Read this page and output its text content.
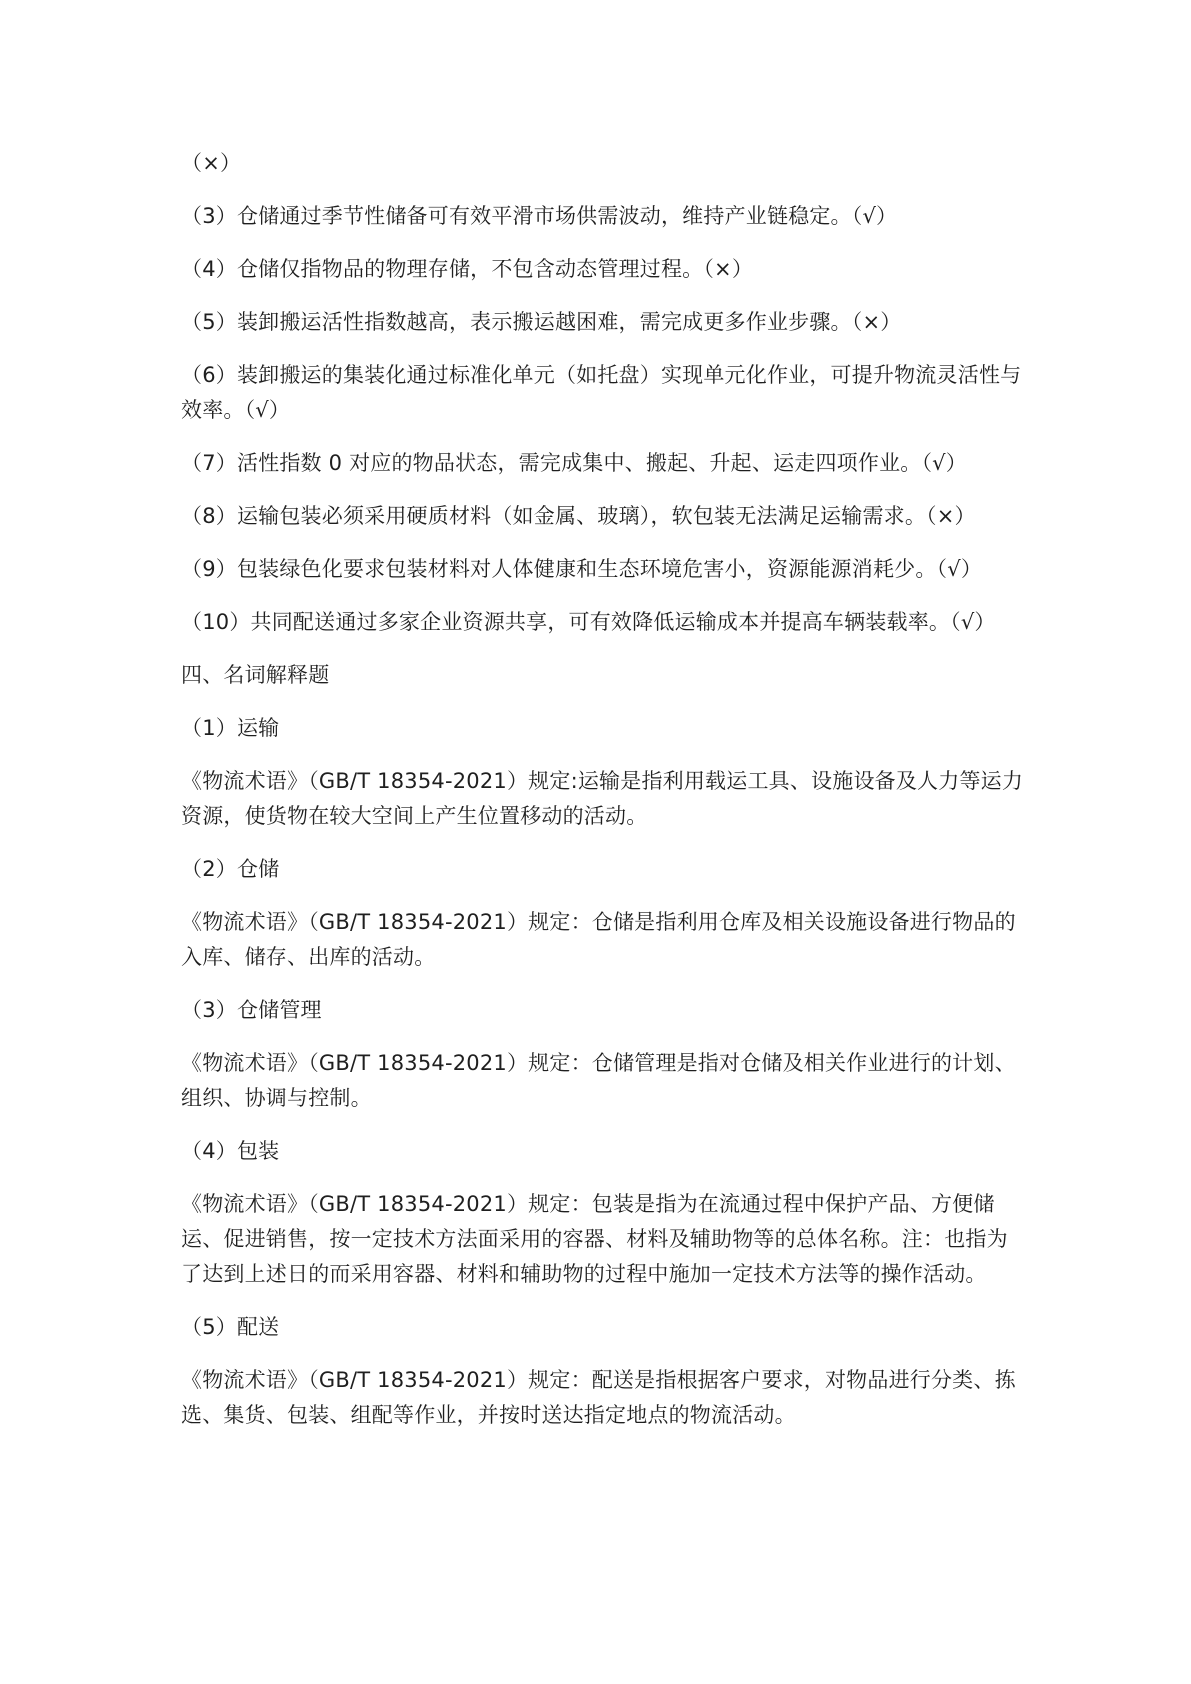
（×）

（3）仓储通过季节性储备可有效平滑市场供需波动，维持产业链稳定。（√）

（4）仓储仅指物品的物理存储，不包含动态管理过程。（×）

（5）装卸搬运活性指数越高，表示搬运越困难，需完成更多作业步骤。（×）

（6）装卸搬运的集装化通过标准化单元（如托盘）实现单元化作业，可提升物流灵活性与效率。（√）

（7）活性指数 0 对应的物品状态，需完成集中、搬起、升起、运走四项作业。（√）

（8）运输包装必须采用硬质材料（如金属、玻璃），软包装无法满足运输需求。（×）

（9）包装绿色化要求包装材料对人体健康和生态环境危害小，资源能源消耗少。（√）

（10）共同配送通过多家企业资源共享，可有效降低运输成本并提高车辆装载率。（√）

四、名词解释题

（1）运输

《物流术语》（GB/T 18354-2021）规定:运输是指利用载运工具、设施设备及人力等运力资源，使货物在较大空间上产生位置移动的活动。

（2）仓储

《物流术语》（GB/T 18354-2021）规定：仓储是指利用仓库及相关设施设备进行物品的入库、储存、出库的活动。

（3）仓储管理

《物流术语》（GB/T 18354-2021）规定：仓储管理是指对仓储及相关作业进行的计划、组织、协调与控制。

（4）包装

《物流术语》（GB/T 18354-2021）规定：包装是指为在流通过程中保护产品、方便储运、促进销售，按一定技术方法面采用的容器、材料及辅助物等的总体名称。注：也指为了达到上述日的而采用容器、材料和辅助物的过程中施加一定技术方法等的操作活动。

（5）配送

《物流术语》（GB/T 18354-2021）规定：配送是指根据客户要求，对物品进行分类、拣选、集货、包装、组配等作业，并按时送达指定地点的物流活动。
